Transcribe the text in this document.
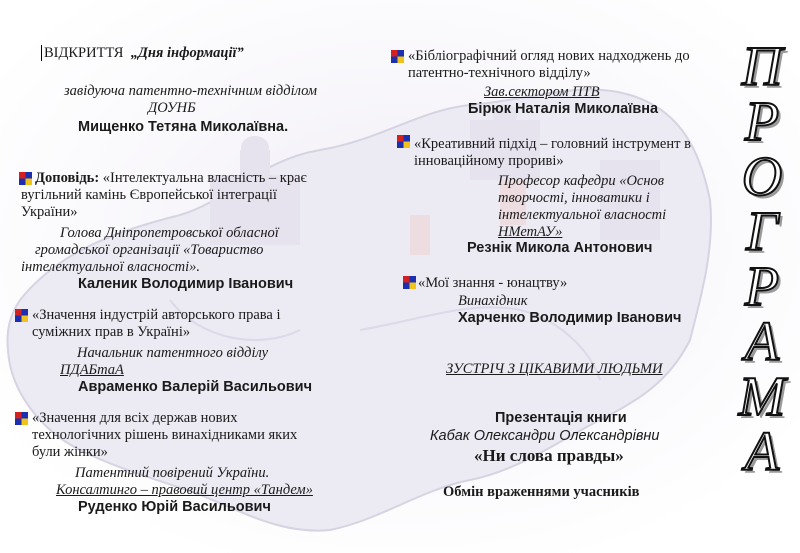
ВІДКРИТТЯ „Дня інформації”
завідуюча патентно-технічним відділом
ДОУНБ
Мищенко Тетяна Миколаївна.
Доповідь: «Інтелектуальна власність – крає
вугільний камінь Європейської інтеграції
України»
Голова Дніпропетровської обласної
громадської організації «Товариство
інтелектуальної власності».
Каленик Володимир Іванович
«Значення індустрій авторського права і
суміжних прав в Україні»
Начальник патентного відділу
ПДАБтаА
Авраменко Валерій Васильович
«Значення для всіх держав нових
технологічних рішень винахідниками яких
були жінки»
Патентний повірений України.
Консалтинго – правовий центр «Тандем»
Руденко Юрій Васильович
«Бібліографічний огляд нових надходжень до
патентно-технічного відділу»
Зав.сектором ПТВ
Бірюк Наталія Миколаївна
«Креативний підхід – головний інструмент в
інноваційному прориві»
Професор кафедри «Основ
творчості, інноватики і
інтелектуальної власності
НМетАУ»
Резнік Микола Антонович
«Мої знання - юнацтву»
Винахідник
Харченко Володимир Іванович
ЗУСТРІЧ З ЦІКАВИМИ ЛЮДЬМИ
Презентація книги
Кабак Олександри Олександрівни
«Ни слова правды»
Обмін враженнями учасників
П
Р
О
Г
Р
А
М
А
